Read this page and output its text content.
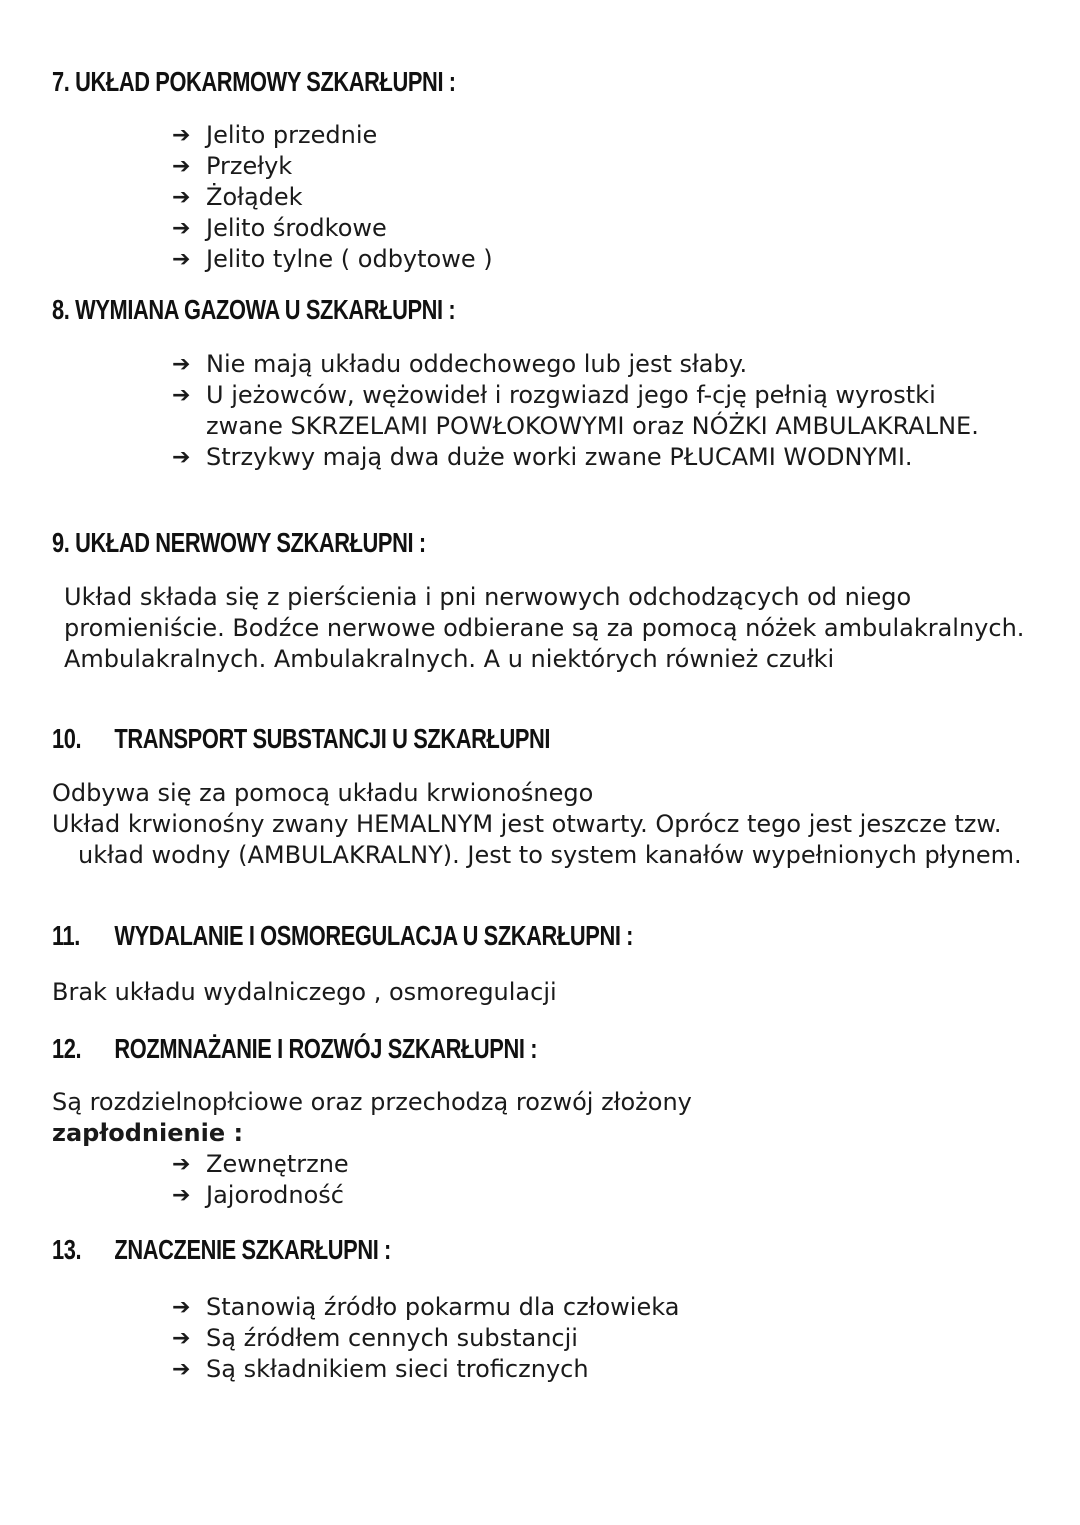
7. UKŁAD POKARMOWY SZKARŁUPNI :
➔ Jelito przednie
➔ Przełyk
➔ Żołądek
➔ Jelito środkowe
➔ Jelito tylne ( odbytowe )
8. WYMIANA GAZOWA U SZKARŁUPNI :
➔ Nie mają układu oddechowego lub jest słaby.
➔ U jeżowców, wężowideł i rozgwiazd jego f-cję pełnią wyrostki zwane SKRZELAMI POWŁOKOWYMI oraz NÓŻKI AMBULAKRALNE.
➔ Strzykwy mają dwa duże worki zwane PŁUCAMI WODNYMI.
9. UKŁAD NERWOWY SZKARŁUPNI :
Układ składa się z pierścienia i pni nerwowych odchodzących od niego promieniście. Bodźce nerwowe odbierane są za pomocą nóżek ambulakralnych. Ambulakralnych. Ambulakralnych. A u niektórych również czułki
10. TRANSPORT SUBSTANCJI U SZKARŁUPNI
Odbywa się za pomocą układu krwionośnego
Układ krwionośny zwany HEMALNYM jest otwarty. Oprócz tego jest jeszcze tzw. układ wodny (AMBULAKRALNY). Jest to system kanałów wypełnionych płynem.
11. WYDALANIE I OSMOREGULACJA U SZKARŁUPNI :
Brak układu wydalniczego , osmoregulacji
12. ROZMNAŻANIE I ROZWÓJ SZKARŁUPNI :
Są rozdzielnopłciowe oraz przechodzą rozwój złożony
zapłodnienie :
➔ Zewnętrzne
➔ Jajorodność
13. ZNACZENIE SZKARŁUPNI :
➔ Stanowią źródło pokarmu dla człowieka
➔ Są źródłem cennych substancji
➔ Są składnikiem sieci troficznych
